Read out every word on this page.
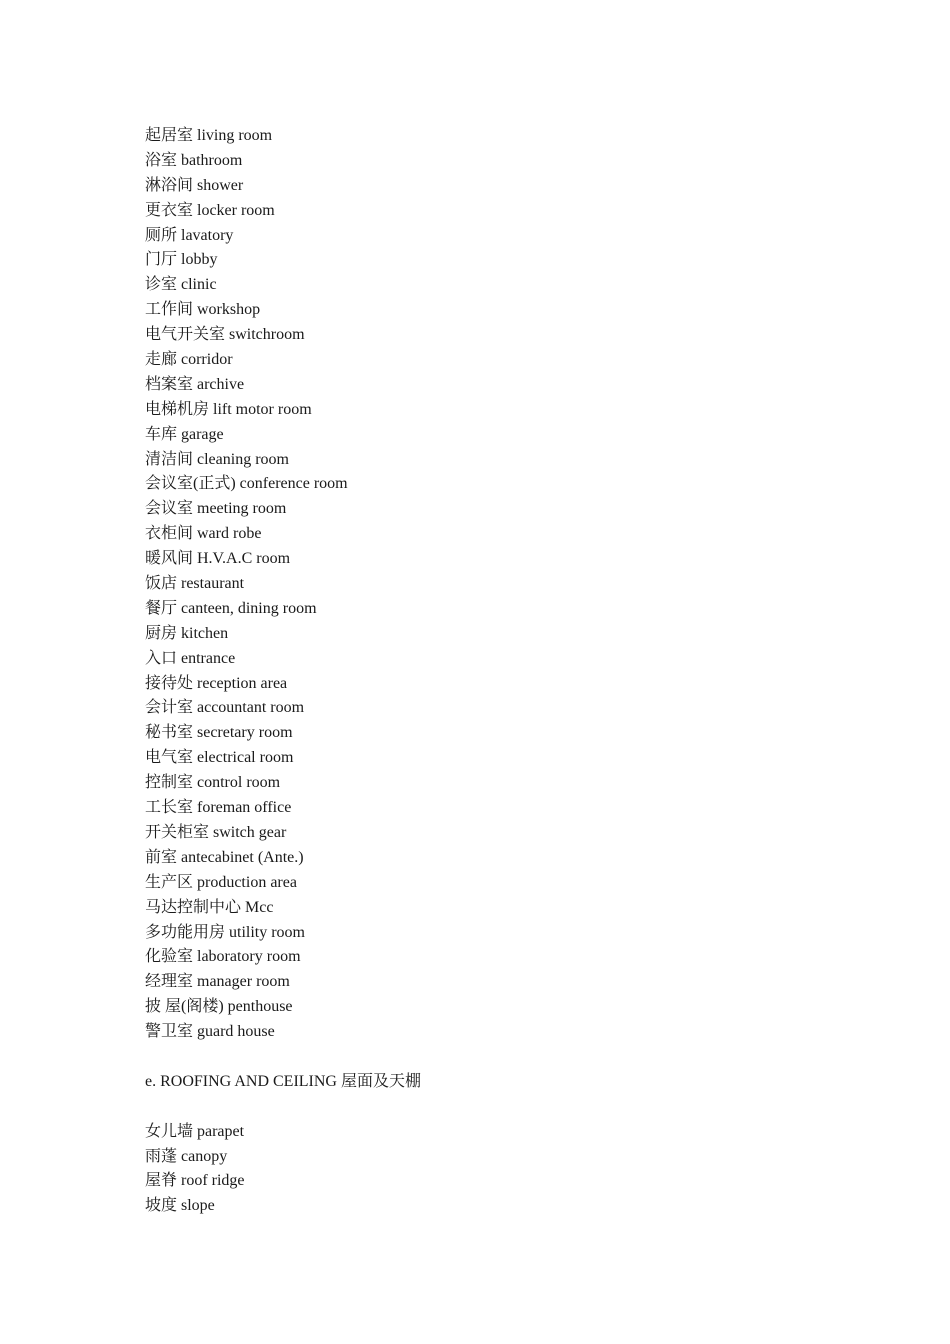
起居室 living room
浴室 bathroom
淋浴间 shower
更衣室 locker room
厕所 lavatory
门厅 lobby
诊室 clinic
工作间 workshop
电气开关室 switchroom
走廊 corridor
档案室 archive
电梯机房 lift motor room
车库 garage
清洁间 cleaning room
会议室(正式) conference room
会议室 meeting room
衣柜间 ward robe
暖风间 H.V.A.C room
饭店 restaurant
餐厅 canteen, dining room
厨房 kitchen
入口 entrance
接待处 reception area
会计室 accountant room
秘书室 secretary room
电气室 electrical room
控制室 control room
工长室 foreman office
开关柜室 switch gear
前室 antecabinet (Ante.)
生产区 production area
马达控制中心 Mcc
多功能用房 utility room
化验室 laboratory room
经理室 manager room
披 屋(阁楼) penthouse
警卫室 guard house
e. ROOFING AND CEILING 屋面及天棚
女儿墙 parapet
雨蓬 canopy
屋脊 roof ridge
坡度 slope
